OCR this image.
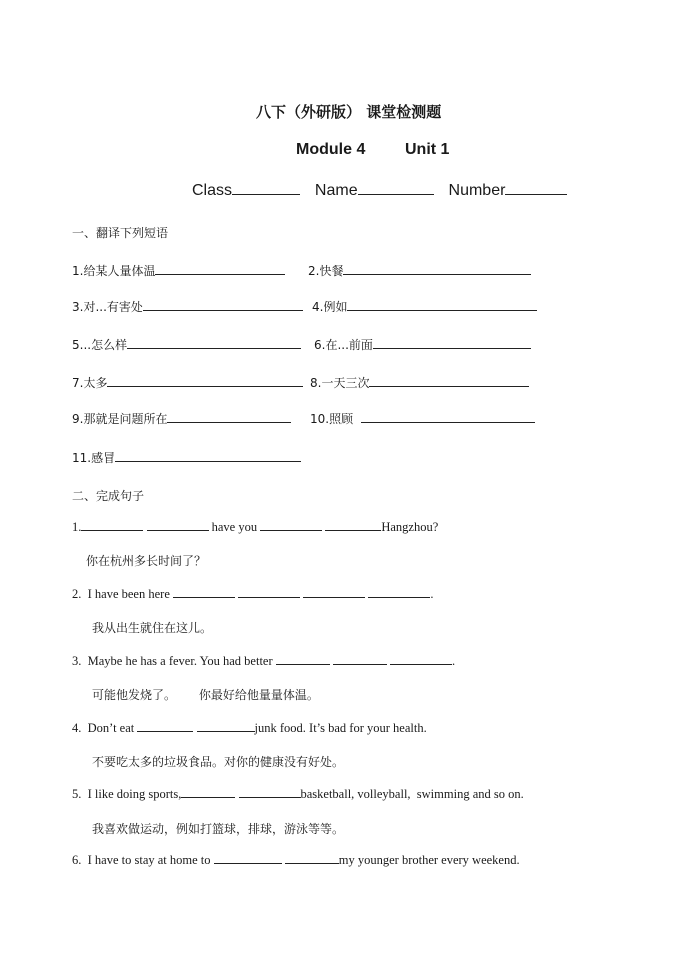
八下（外研版） 课堂检测题
Module 4 Unit 1
Class	Name	Number
一、翻译下列短语
1.给某人量体温	2.快餐
3.对...有害处	4.例如
5...怎么样	6.在...前面
7.太多	8.一天三次
9.那就是问题所在	10.照顾
11.感冒
二、完成句子
1.	have you	Hangzhou?
你在杭州多长时间了？
2. I have been here	.
我从出生就住在这儿。
3. Maybe he has a fever. You had better	.
可能他发烧了。      你最好给他量量体温。
4. Don’t eat	junk food. It’s bad for your health.
不要吃太多的垃圾食品。对你的健康没有好处。
5. I like doing sports,	basketball, volleyball,  swimming and so on.
我喜欢做运动，例如打篮球，排球，游泳等等。
6. I have to stay at home to	my younger brother every weekend.
